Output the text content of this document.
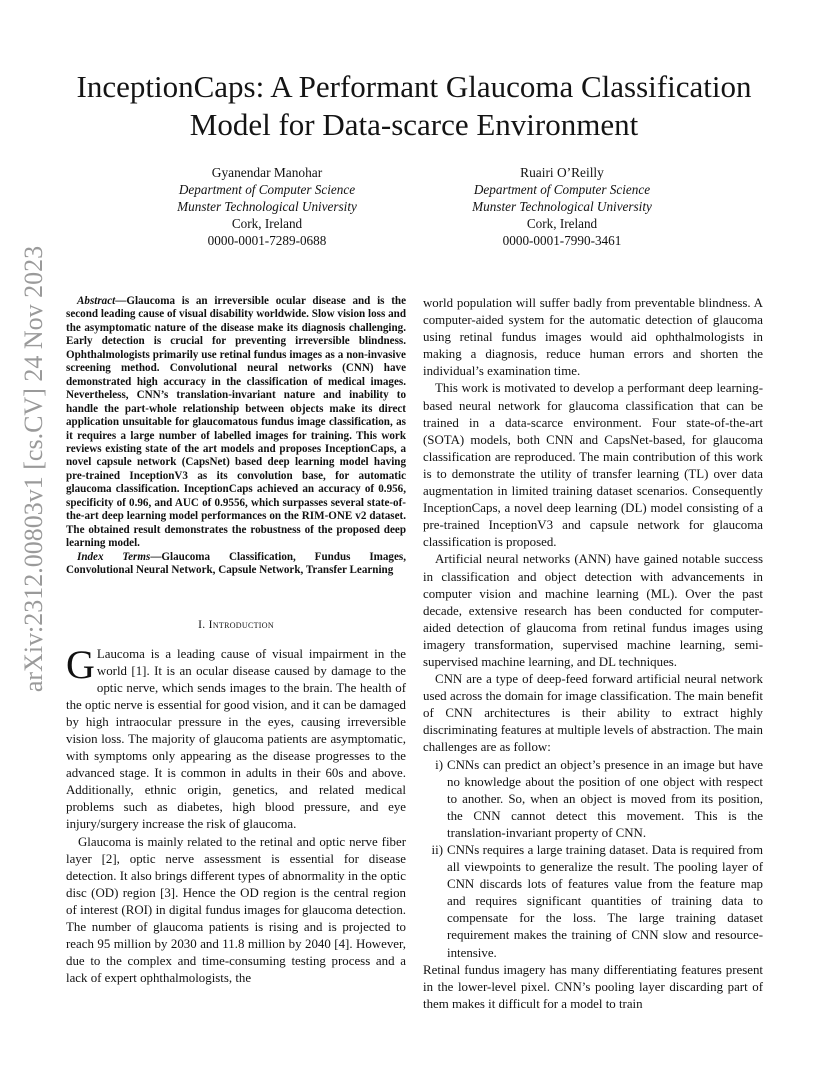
arXiv:2312.00803v1 [cs.CV] 24 Nov 2023
InceptionCaps: A Performant Glaucoma Classification Model for Data-scarce Environment
Gyanendar Manohar
Department of Computer Science
Munster Technological University
Cork, Ireland
0000-0001-7289-0688
Ruairi O’Reilly
Department of Computer Science
Munster Technological University
Cork, Ireland
0000-0001-7990-3461

Abstract—Glaucoma is an irreversible ocular disease and is the second leading cause of visual disability worldwide. Slow vision loss and the asymptomatic nature of the disease make its diagnosis challenging. Early detection is crucial for preventing irreversible blindness. Ophthalmologists primarily use retinal fundus images as a non-invasive screening method. Convolutional neural networks (CNN) have demonstrated high accuracy in the classification of medical images. Nevertheless, CNN’s translation-invariant nature and inability to handle the part-whole relationship between objects make its direct application unsuitable for glaucomatous fundus image classification, as it requires a large number of labelled images for training. This work reviews existing state of the art models and proposes InceptionCaps, a novel capsule network (CapsNet) based deep learning model having pre-trained InceptionV3 as its convolution base, for automatic glaucoma classification. InceptionCaps achieved an accuracy of 0.956, specificity of 0.96, and AUC of 0.9556, which surpasses several state-of-the-art deep learning model performances on the RIM-ONE v2 dataset. The obtained result demonstrates the robustness of the proposed deep learning model.

Index Terms—Glaucoma Classification, Fundus Images, Convolutional Neural Network, Capsule Network, Transfer Learning

I. Introduction

G Laucoma is a leading cause of visual impairment in the world [1]. It is an ocular disease caused by damage to the optic nerve, which sends images to the brain. The health of the optic nerve is essential for good vision, and it can be damaged by high intraocular pressure in the eyes, causing irreversible vision loss. The majority of glaucoma patients are asymptomatic, with symptoms only appearing as the disease progresses to the advanced stage. It is common in adults in their 60s and above. Additionally, ethnic origin, genetics, and related medical problems such as diabetes, high blood pressure, and eye injury/surgery increase the risk of glaucoma.

Glaucoma is mainly related to the retinal and optic nerve fiber layer [2], optic nerve assessment is essential for disease detection. It also brings different types of abnormality in the optic disc (OD) region [3]. Hence the OD region is the central region of interest (ROI) in digital fundus images for glaucoma detection. The number of glaucoma patients is rising and is projected to reach 95 million by 2030 and 11.8 million by 2040 [4]. However, due to the complex and time-consuming testing process and a lack of expert ophthalmologists, the

world population will suffer badly from preventable blindness. A computer-aided system for the automatic detection of glaucoma using retinal fundus images would aid ophthalmologists in making a diagnosis, reduce human errors and shorten the individual’s examination time.

This work is motivated to develop a performant deep learning-based neural network for glaucoma classification that can be trained in a data-scarce environment. Four state-of-the-art (SOTA) models, both CNN and CapsNet-based, for glaucoma classification are reproduced. The main contribution of this work is to demonstrate the utility of transfer learning (TL) over data augmentation in limited training dataset scenarios. Consequently InceptionCaps, a novel deep learning (DL) model consisting of a pre-trained InceptionV3 and capsule network for glaucoma classification is proposed.

Artificial neural networks (ANN) have gained notable success in classification and object detection with advancements in computer vision and machine learning (ML). Over the past decade, extensive research has been conducted for computer-aided detection of glaucoma from retinal fundus images using imagery transformation, supervised machine learning, semi-supervised machine learning, and DL techniques.

CNN are a type of deep-feed forward artificial neural network used across the domain for image classification. The main benefit of CNN architectures is their ability to extract highly discriminating features at multiple levels of abstraction. The main challenges are as follow:

i) CNNs can predict an object’s presence in an image but have no knowledge about the position of one object with respect to another. So, when an object is moved from its position, the CNN cannot detect this movement. This is the translation-invariant property of CNN.
ii) CNNs requires a large training dataset. Data is required from all viewpoints to generalize the result. The pooling layer of CNN discards lots of features value from the feature map and requires significant quantities of training data to compensate for the loss. The large training dataset requirement makes the training of CNN slow and resource-intensive.

Retinal fundus imagery has many differentiating features present in the lower-level pixel. CNN’s pooling layer discarding part of them makes it difficult for a model to train
